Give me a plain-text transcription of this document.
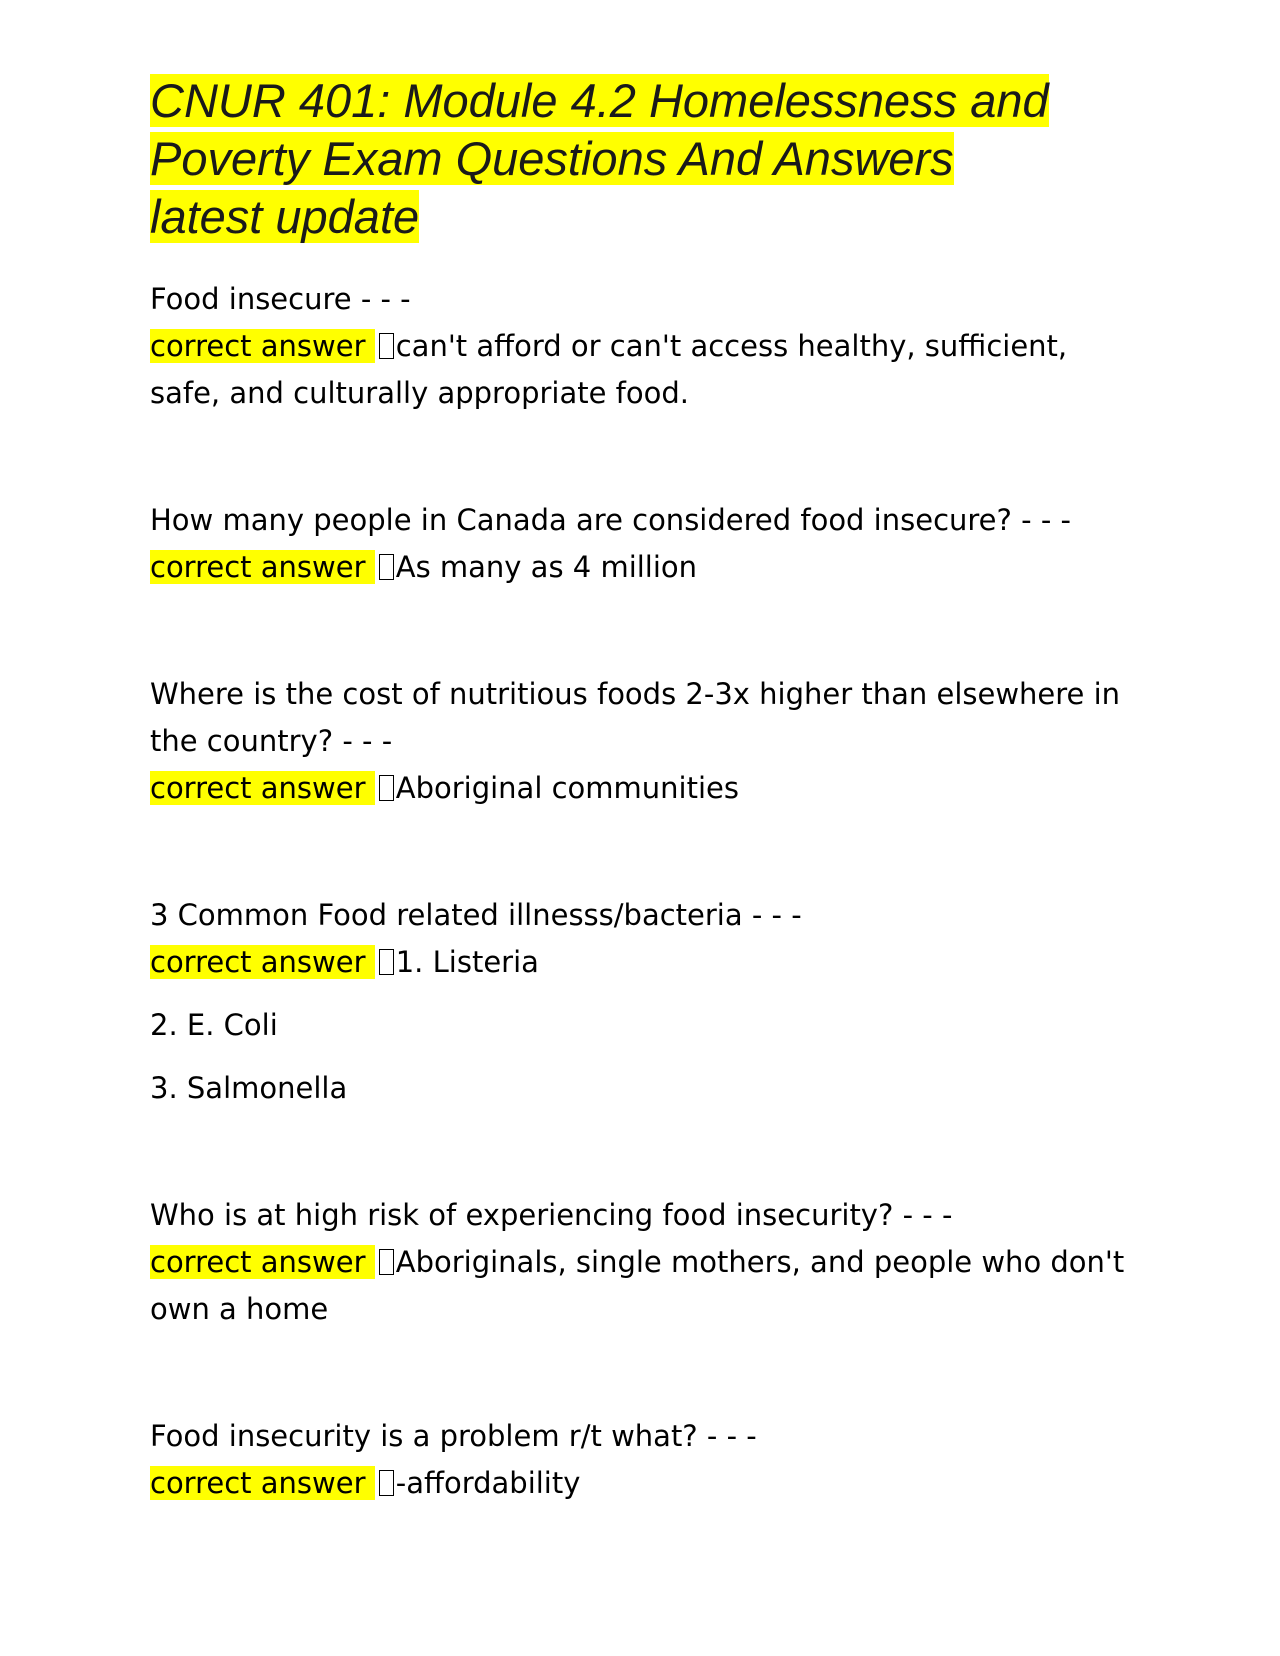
CNUR 401: Module 4.2 Homelessness and
Poverty Exam Questions And Answers
latest update

Food insecure - - -

correct answer can't afford or can't access healthy, sufficient, safe, and culturally appropriate food.

How many people in Canada are considered food insecure? - - -

correct answer As many as 4 million

Where is the cost of nutritious foods 2-3x higher than elsewhere in the country? - - -

correct answer Aboriginal communities

3 Common Food related illnesss/bacteria - - -

correct answer 1. Listeria

2. E. Coli

3. Salmonella

Who is at high risk of experiencing food insecurity? - - -

correct answer Aboriginals, single mothers, and people who don't own a home

Food insecurity is a problem r/t what? - - -

correct answer -affordability
